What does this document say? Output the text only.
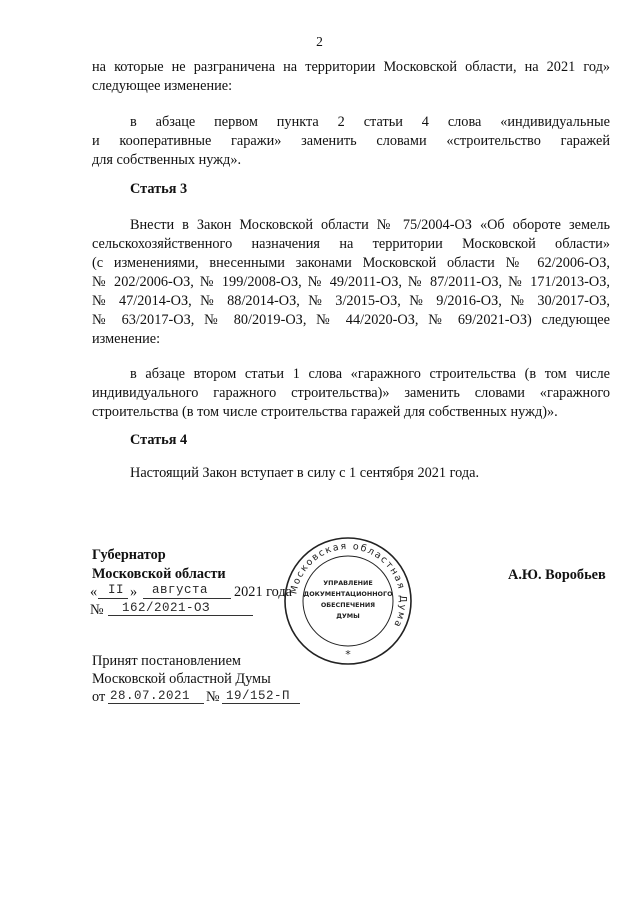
2
на которые не разграничена на территории Московской области, на 2021 год»
следующее изменение:
в абзаце первом пункта 2 статьи 4 слова «индивидуальные
и кооперативные гаражи» заменить словами «строительство гаражей
для собственных нужд».
Статья 3
Внести в Закон Московской области № 75/2004-ОЗ «Об обороте земель
сельскохозяйственного назначения на территории Московской области»
(с изменениями, внесенными законами Московской области № 62/2006-ОЗ,
№ 202/2006-ОЗ, № 199/2008-ОЗ, № 49/2011-ОЗ, № 87/2011-ОЗ, № 171/2013-ОЗ,
№ 47/2014-ОЗ, № 88/2014-ОЗ, № 3/2015-ОЗ, № 9/2016-ОЗ, № 30/2017-ОЗ,
№ 63/2017-ОЗ, № 80/2019-ОЗ, № 44/2020-ОЗ, № 69/2021-ОЗ) следующее
изменение:
в абзаце втором статьи 1 слова «гаражного строительства (в том числе
индивидуального гаражного строительства)» заменить словами «гаражного
строительства (в том числе строительства гаражей для собственных нужд)».
Статья 4
Настоящий Закон вступает в силу с 1 сентября 2021 года.
Губернатор
Московской области	А.Ю. Воробьев
« II » августа 2021 года
№ 162/2021-ОЗ
Московская областная Дума
УПРАВЛЕНИЕ
ДОКУМЕНТАЦИОННОГО
ОБЕСПЕЧЕНИЯ
ДУМЫ
*
Принят постановлением
Московской областной Думы
от 28.07.2021 № 19/152-П
